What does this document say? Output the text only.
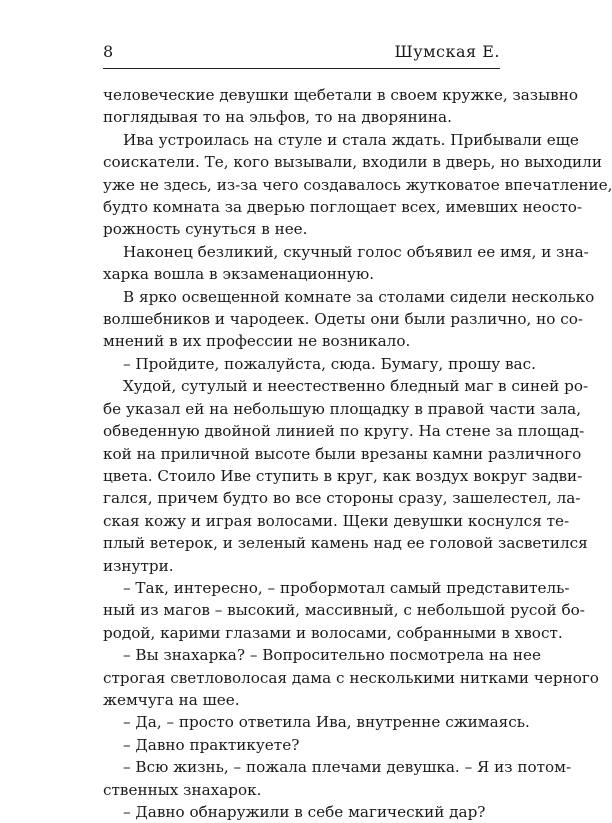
8	Шумская Е.
человеческие девушки щебетали в своем кружке, зазывно
поглядывая то на эльфов, то на дворянина.
Ива устроилась на стуле и стала ждать. Прибывали еще
соискатели. Те, кого вызывали, входили в дверь, но выходили
уже не здесь, из-за чего создавалось жутковатое впечатление,
будто комната за дверью поглощает всех, имевших неосто-
рожность сунуться в нее.
Наконец безликий, скучный голос объявил ее имя, и зна-
харка вошла в экзаменационную.
В ярко освещенной комнате за столами сидели несколько
волшебников и чародеек. Одеты они были различно, но со-
мнений в их профессии не возникало.
– Пройдите, пожалуйста, сюда. Бумагу, прошу вас.
Худой, сутулый и неестественно бледный маг в синей ро-
бе указал ей на небольшую площадку в правой части зала,
обведенную двойной линией по кругу. На стене за площад-
кой на приличной высоте были врезаны камни различного
цвета. Стоило Иве ступить в круг, как воздух вокруг задви-
гался, причем будто во все стороны сразу, зашелестел, ла-
ская кожу и играя волосами. Щеки девушки коснулся те-
плый ветерок, и зеленый камень над ее головой засветился
изнутри.
– Так, интересно, – пробормотал самый представитель-
ный из магов – высокий, массивный, с небольшой русой бо-
родой, карими глазами и волосами, собранными в хвост.
– Вы знахарка? – Вопросительно посмотрела на нее
строгая светловолосая дама с несколькими нитками черного
жемчуга на шее.
– Да, – просто ответила Ива, внутренне сжимаясь.
– Давно практикуете?
– Всю жизнь, – пожала плечами девушка. – Я из потом-
ственных знахарок.
– Давно обнаружили в себе магический дар?
